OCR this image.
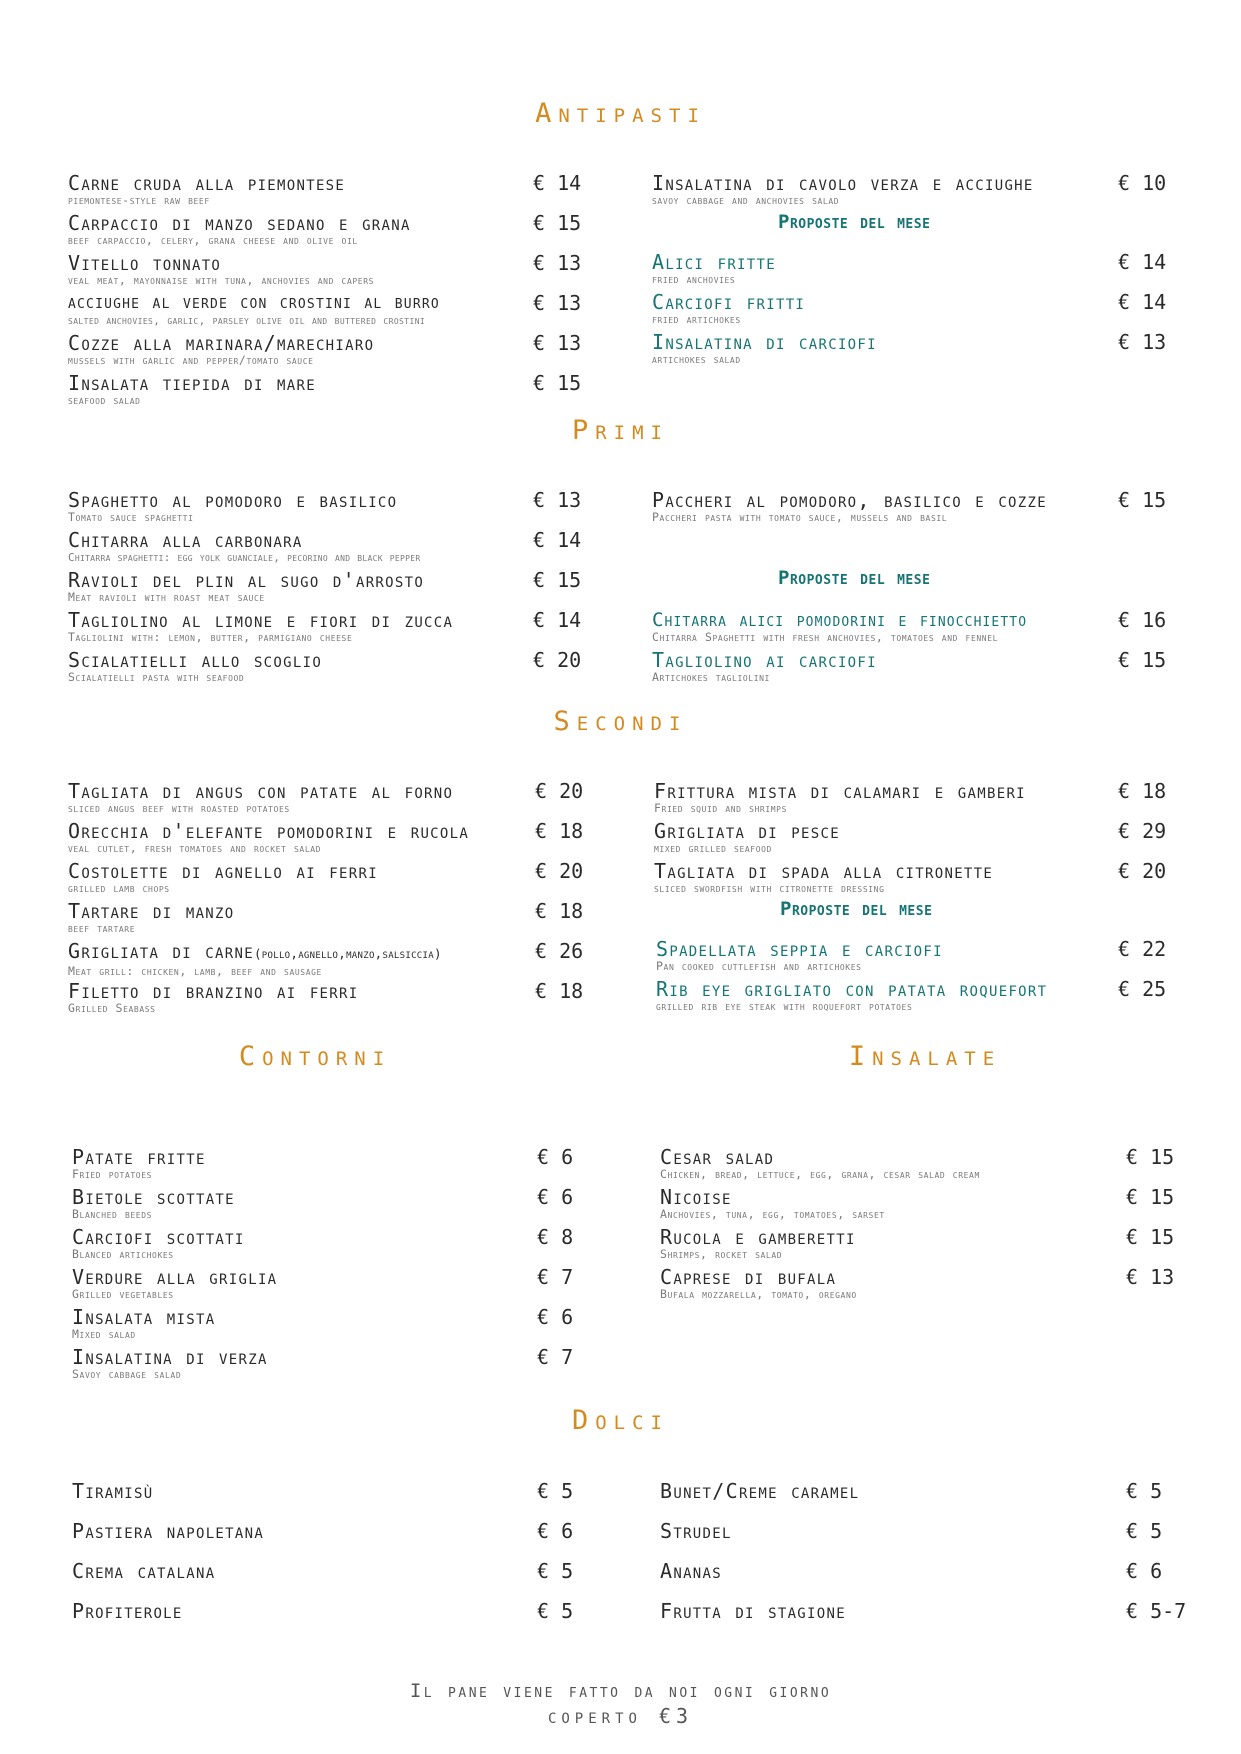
Antipasti
Carne cruda alla piemontese
piemontese-style raw beef
€ 14
Carpaccio di manzo sedano e grana
beef carpaccio, celery, grana cheese and olive oil
€ 15
Vitello tonnato
veal meat, mayonnaise with tuna, anchovies and capers
€ 13
acciughe al verde con crostini al burro
salted anchovies, garlic, parsley olive oil and buttered crostini
€ 13
Cozze alla marinara/marechiaro
mussels with garlic and pepper/tomato sauce
€ 13
Insalata tiepida di mare
seafood salad
€ 15
Insalatina di cavolo verza e acciughe
savoy cabbage and anchovies salad
€ 10
Proposte del mese
Alici fritte
fried anchovies
€ 14
Carciofi fritti
fried artichokes
€ 14
Insalatina di carciofi
artichokes salad
€ 13
Primi
Spaghetto al pomodoro e basilico
Tomato sauce spaghetti
€ 13
Chitarra alla carbonara
Chitarra spaghetti: egg yolk guanciale, pecorino and black pepper
€ 14
Ravioli del plin al sugo d'arrosto
Meat ravioli with roast meat sauce
€ 15
Tagliolino al limone e fiori di zucca
Tagliolini with: lemon, butter, parmigiano cheese
€ 14
Scialatielli allo scoglio
Scialatielli pasta with seafood
€ 20
Paccheri al pomodoro, basilico e cozze
Paccheri pasta with tomato sauce, mussels and basil
€ 15
Proposte del mese
Chitarra alici pomodorini e finocchietto
Chitarra Spaghetti with fresh anchovies, tomatoes and fennel
€ 16
Tagliolino ai carciofi
Artichokes tagliolini
€ 15
Secondi
Tagliata di angus con patate al forno
sliced angus beef with roasted potatoes
€ 20
Orecchia d'elefante pomodorini e rucola
veal cutlet, fresh tomatoes and rocket salad
€ 18
Costolette di agnello ai ferri
grilled lamb chops
€ 20
Tartare di manzo
beef tartare
€ 18
Grigliata di carne(pollo,agnello,manzo,salsiccia)
Meat grill: chicken, lamb, beef and sausage
€ 26
Filetto di branzino ai ferri
Grilled Seabass
€ 18
Frittura mista di calamari e gamberi
Fried squid and shrimps
€ 18
Grigliata di pesce
mixed grilled seafood
€ 29
Tagliata di spada alla citronette
sliced swordfish with citronette dressing
€ 20
Proposte del mese
Spadellata seppia e carciofi
Pan cooked cuttlefish and artichokes
€ 22
Rib eye grigliato con patata roquefort
grilled rib eye steak with roquefort potatoes
€ 25
Contorni	Insalate
Patate fritte
Fried potatoes
€ 6
Bietole scottate
Blanched beeds
€ 6
Carciofi scottati
Blanced artichokes
€ 8
Verdure alla griglia
Grilled vegetables
€ 7
Insalata mista
Mixed salad
€ 6
Insalatina di verza
Savoy cabbage salad
€ 7
Cesar salad
Chicken, bread, lettuce, egg, grana, cesar salad cream
€ 15
Nicoise
Anchovies, tuna, egg, tomatoes, sarset
€ 15
Rucola e gamberetti
Shrimps, rocket salad
€ 15
Caprese di bufala
Bufala mozzarella, tomato, oregano
€ 13
Dolci
Tiramisù	€ 5
Pastiera napoletana	€ 6
Crema catalana	€ 5
Profiterole	€ 5
Bunet/Creme caramel	€ 5
Strudel	€ 5
Ananas	€ 6
Frutta di stagione	€ 5-7
Il pane viene fatto da noi ogni giorno
coperto €3
